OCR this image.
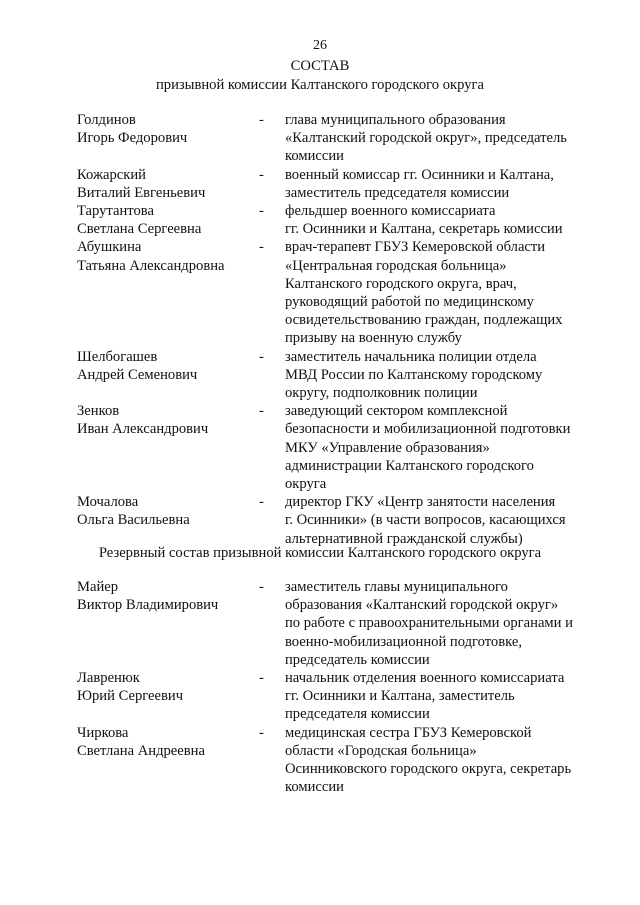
26
СОСТАВ
призывной комиссии Калтанского городского округа
Голдинов
Игорь Федорович
- глава муниципального образования
«Калтанский городской округ», председатель
комиссии
Кожарский
Виталий Евгеньевич
- военный комиссар гг. Осинники и Калтана,
заместитель председателя комиссии
Тарутантова
Светлана Сергеевна
- фельдшер военного комиссариата
гг. Осинники и Калтана, секретарь комиссии
Абушкина
Татьяна Александровна
- врач-терапевт ГБУЗ Кемеровской области
«Центральная городская больница»
Калтанского городского округа, врач,
руководящий работой по медицинскому
освидетельствованию граждан, подлежащих
призыву на военную службу
Шелбогашев
Андрей Семенович
- заместитель начальника полиции отдела
МВД России по Калтанскому городскому
округу, подполковник полиции
Зенков
Иван Александрович
- заведующий сектором комплексной
безопасности и мобилизационной подготовки
МКУ «Управление образования»
администрации Калтанского городского
округа
Мочалова
Ольга Васильевна
- директор ГКУ «Центр занятости населения
г. Осинники» (в части вопросов, касающихся
альтернативной гражданской службы)
Резервный состав призывной комиссии Калтанского городского округа
Майер
Виктор Владимирович
- заместитель главы муниципального
образования «Калтанский городской округ»
по работе с правоохранительными органами и
военно-мобилизационной подготовке,
председатель комиссии
Лавренюк
Юрий Сергеевич
- начальник отделения военного комиссариата
гг. Осинники и Калтана, заместитель
председателя комиссии
Чиркова
Светлана Андреевна
- медицинская сестра ГБУЗ Кемеровской
области «Городская больница»
Осинниковского городского округа, секретарь
комиссии
